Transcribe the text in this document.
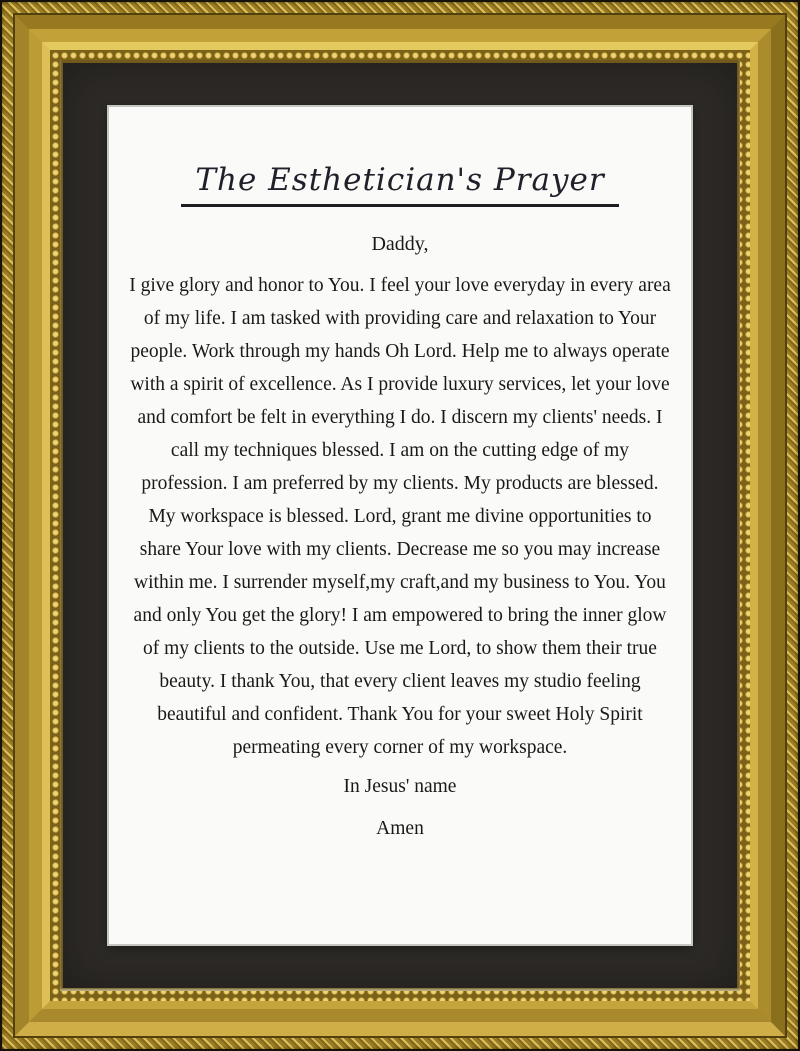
The Esthetician's Prayer
Daddy,
I give glory and honor to You. I feel your love everyday in every area
of my life. I am tasked with providing care and relaxation to Your
people. Work through my hands Oh Lord. Help me to always operate
with a spirit of excellence. As I provide luxury services, let your love
and comfort be felt in everything I do. I discern my clients' needs. I
call my techniques blessed. I am on the cutting edge of my
profession. I am preferred by my clients. My products are blessed.
My workspace is blessed. Lord, grant me divine opportunities to
share Your love with my clients. Decrease me so you may increase
within me. I surrender myself,my craft,and my business to You. You
and only You get the glory! I am empowered to bring the inner glow
of my clients to the outside. Use me Lord, to show them their true
beauty. I thank You, that every client leaves my studio feeling
beautiful and confident. Thank You for your sweet Holy Spirit
permeating every corner of my workspace.
In Jesus' name
Amen
